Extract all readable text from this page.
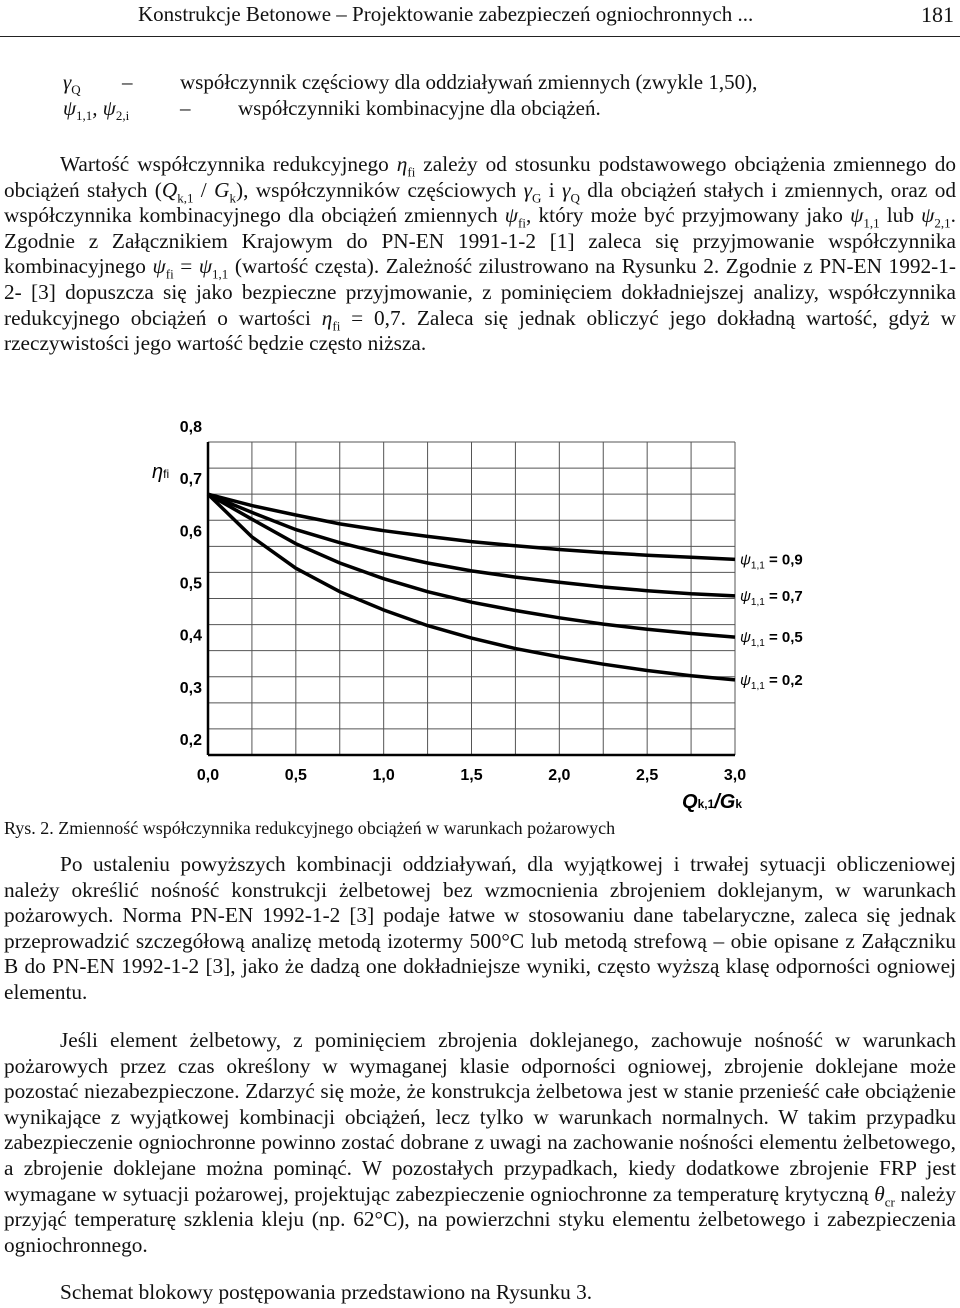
Konstrukcje Betonowe – Projektowanie zabezpieczeń ogniochronnych ...	181
$\gamma_Q$ – współczynnik częściowy dla oddziaływań zmiennych (zwykle 1,50),
$\psi_{1,1}$, $\psi_{2,i}$ – współczynniki kombinacyjne dla obciążeń.
Wartość współczynnika redukcyjnego $\eta_{fi}$ zależy od stosunku podstawowego obciążenia zmiennego do obciążeń stałych $(Q_{k,1} / G_k)$, współczynników częściowych $\gamma_G$ i $\gamma_Q$ dla obciążeń stałych i zmiennych, oraz od współczynnika kombinacyjnego dla obciążeń zmiennych $\psi_{fi}$, który może być przyjmowany jako $\psi_{1,1}$ lub $\psi_{2,1}$. Zgodnie z Załącznikiem Krajowym do PN-EN 1991-1-2 [1] zaleca się przyjmowanie współczynnika kombinacyjnego $\psi_{fi} = \psi_{1,1}$ (wartość częsta). Zależność zilustrowano na Rysunku 2. Zgodnie z PN-EN 1992-1-2- [3] dopuszcza się jako bezpieczne przyjmowanie, z pominięciem dokładniejszej analizy, współczynnika redukcyjnego obciążeń o wartości $\eta_{fi} = 0,7$. Zaleca się jednak obliczyć jego dokładną wartość, gdyż w rzeczywistości jego wartość będzie często niższa.
0,0	0,5	1,0	1,5	2,0	2,5	3,0
0,8
0,7
0,6
0,5
0,4
0,3
0,2
$\psi_{1,1} = 0,9$
$\psi_{1,1} = 0,7$
$\psi_{1,1} = 0,5$
$\psi_{1,1} = 0,2$
ηfi
Qk,1/Gk
Rys. 2. Zmienność współczynnika redukcyjnego obciążeń w warunkach pożarowych
Po ustaleniu powyższych kombinacji oddziaływań, dla wyjątkowej i trwałej sytuacji obliczeniowej należy określić nośność konstrukcji żelbetowej bez wzmocnienia zbrojeniem doklejanym, w warunkach pożarowych. Norma PN-EN 1992-1-2 [3] podaje łatwe w stosowaniu dane tabelaryczne, zaleca się jednak przeprowadzić szczegółową analizę metodą izotermy 500°C lub metodą strefową – obie opisane z Załączniku B do PN-EN 1992-1-2 [3], jako że dadzą one dokładniejsze wyniki, często wyższą klasę odporności ogniowej elementu.
Jeśli element żelbetowy, z pominięciem zbrojenia doklejanego, zachowuje nośność w warunkach pożarowych przez czas określony w wymaganej klasie odporności ogniowej, zbrojenie doklejane może pozostać niezabezpieczone. Zdarzyć się może, że konstrukcja żelbetowa jest w stanie przenieść całe obciążenie wynikające z wyjątkowej kombinacji obciążeń, lecz tylko w warunkach normalnych. W takim przypadku zabezpieczenie ogniochronne powinno zostać dobrane z uwagi na zachowanie nośności elementu żelbetowego, a zbrojenie doklejane można pominąć. W pozostałych przypadkach, kiedy dodatkowe zbrojenie FRP jest wymagane w sytuacji pożarowej, projektując zabezpieczenie ogniochronne za temperaturę krytyczną $\theta_{cr}$ należy przyjąć temperaturę szklenia kleju (np. 62°C), na powierzchni styku elementu żelbetowego i zabezpieczenia ogniochronnego.
Schemat blokowy postępowania przedstawiono na Rysunku 3.
